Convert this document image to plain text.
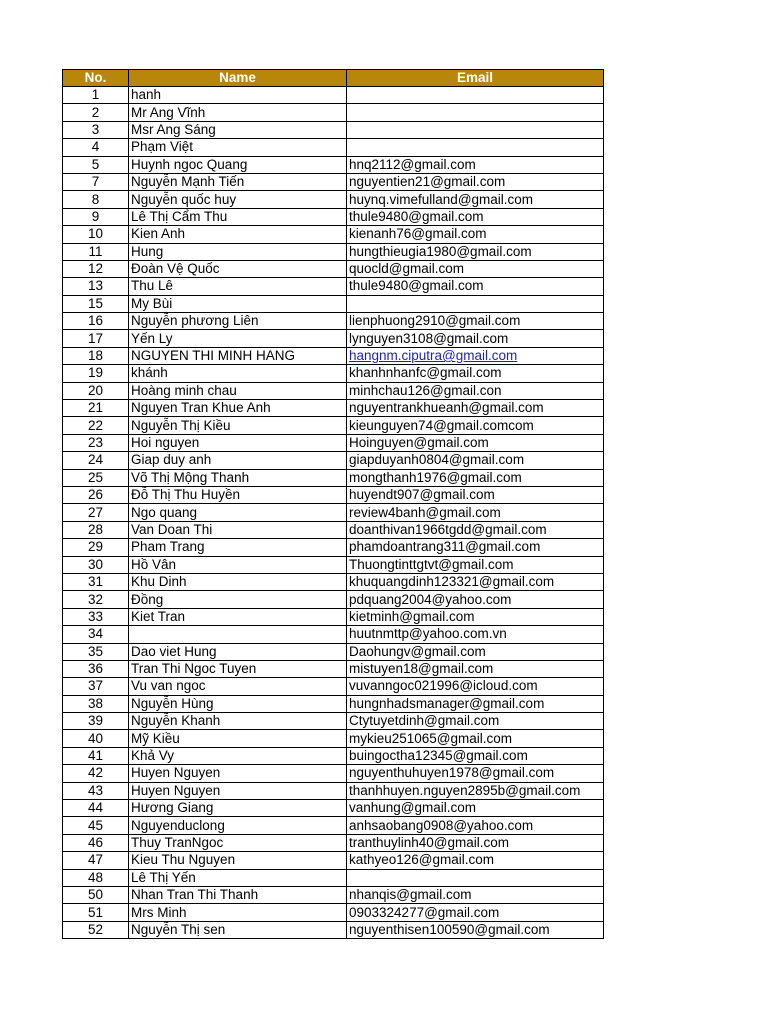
No.	Name	Email
1	hanh	
2	Mr Ang Vĩnh	
3	Msr Ang Sáng	
4	Phạm Việt	
5	Huynh ngoc Quang	hnq2112@gmail.com
7	Nguyễn Mạnh Tiến	nguyentien21@gmail.com
8	Nguyễn quốc huy	huynq.vimefulland@gmail.com
9	Lê Thị Cẩm Thu	thule9480@gmail.com
10	Kien Anh	kienanh76@gmail.com
11	Hung	hungthieugia1980@gmail.com
12	Đoàn Vệ Quốc	quocld@gmail.com
13	Thu Lê	thule9480@gmail.com
15	My Bùi	
16	Nguyễn phương Liên	lienphuong2910@gmail.com
17	Yến Ly	lynguyen3108@gmail.com
18	NGUYEN THI MINH HANG	hangnm.ciputra@gmail.com
19	khánh	khanhnhanfc@gmail.com
20	Hoàng minh chau	minhchau126@gmail.con
21	Nguyen Tran Khue Anh	nguyentrankhueanh@gmail.com
22	Nguyễn Thị Kiều	kieunguyen74@gmail.comcom
23	Hoi nguyen	Hoinguyen@gmail.com
24	Giap duy anh	giapduyanh0804@gmail.com
25	Võ Thị Mộng Thanh	mongthanh1976@gmail.com
26	Đỗ Thị Thu Huyền	huyendt907@gmail.com
27	Ngo quang	review4banh@gmail.com
28	Van Doan Thi	doanthivan1966tgdd@gmail.com
29	Pham Trang	phamdoantrang311@gmail.com
30	Hồ Vân	Thuongtinttgtvt@gmail.com
31	Khu Dinh	khuquangdinh123321@gmail.com
32	Đồng	pdquang2004@yahoo.com
33	Kiet Tran	kietminh@gmail.com
34		huutnmttp@yahoo.com.vn
35	Dao viet Hung	Daohungv@gmail.com
36	Tran Thi Ngoc Tuyen	mistuyen18@gmail.com
37	Vu van ngoc	vuvanngoc021996@icloud.com
38	Nguyễn Hùng	hungnhadsmanager@gmail.com
39	Nguyễn Khanh	Ctytuyetdinh@gmail.com
40	Mỹ Kiều	mykieu251065@gmail.com
41	Khả Vy	buingoctha12345@gmail.com
42	Huyen Nguyen	nguyenthuhuyen1978@gmail.com
43	Huyen Nguyen	thanhhuyen.nguyen2895b@gmail.com
44	Hương Giang	vanhung@gmail.com
45	Nguyenduclong	anhsaobang0908@yahoo.com
46	Thuy TranNgoc	tranthuylinh40@gmail.com
47	Kieu Thu Nguyen	kathyeo126@gmail.com
48	Lê Thị Yến	
50	Nhan Tran Thi Thanh	nhanqis@gmail.com
51	Mrs Minh	0903324277@gmail.com
52	Nguyễn Thị sen	nguyenthisen100590@gmail.com
